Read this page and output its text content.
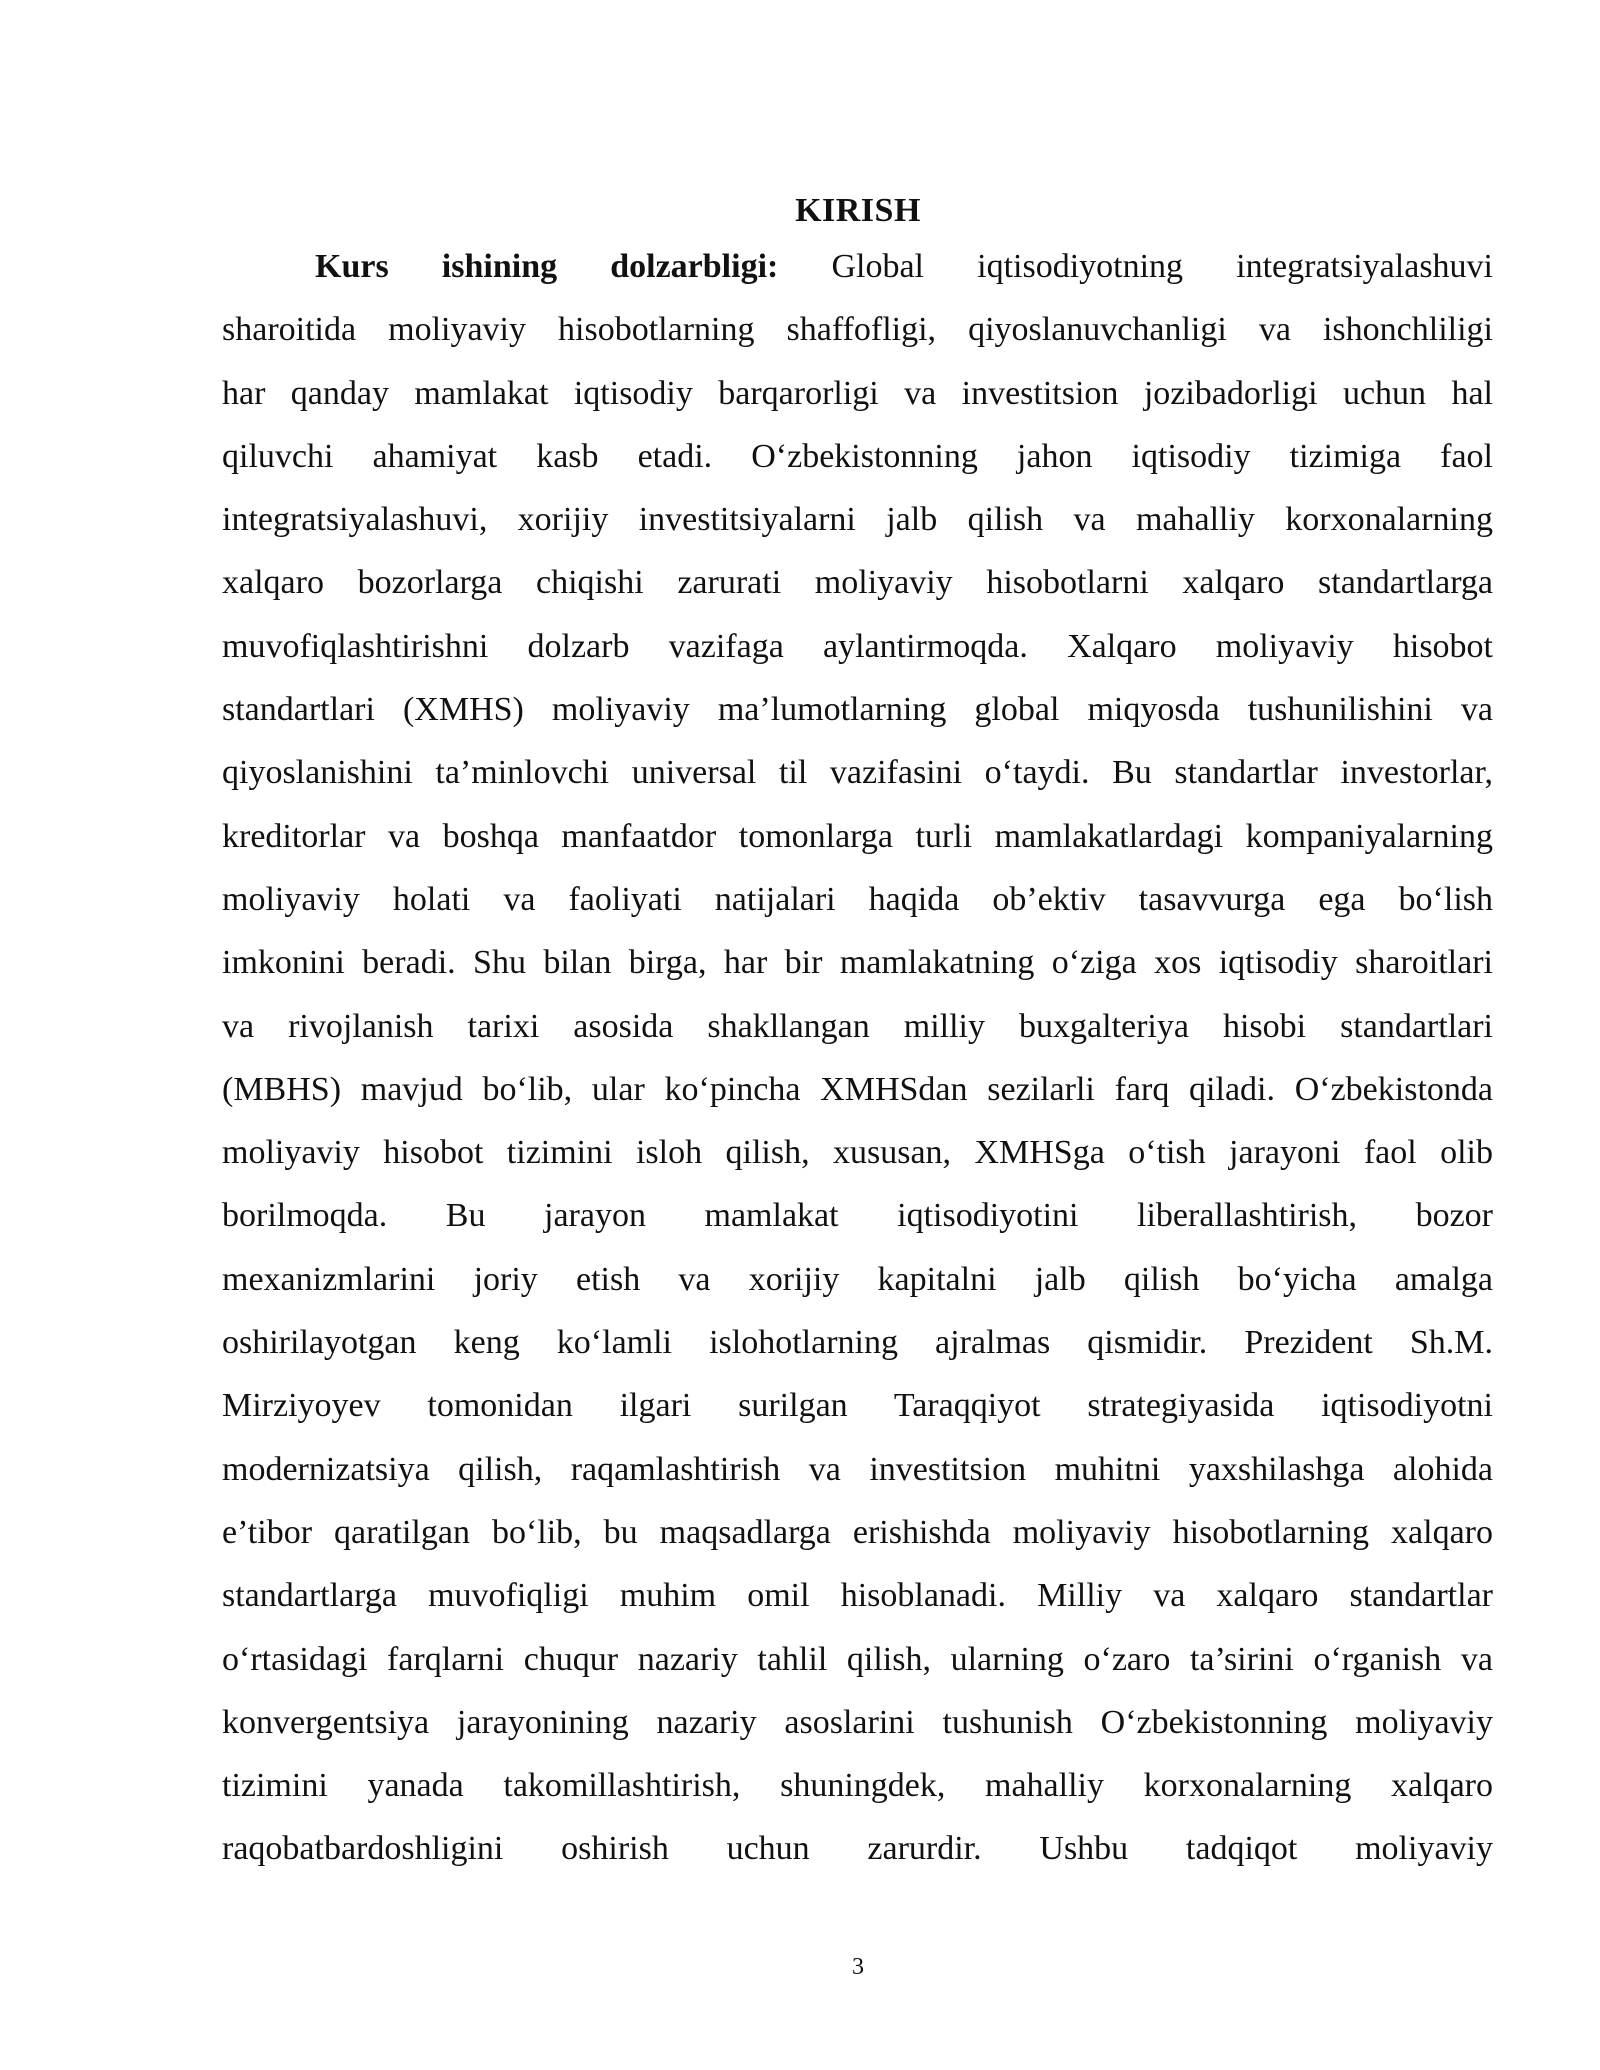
KIRISH
Kurs ishining dolzarbligi: Global iqtisodiyotning integratsiyalashuvi
sharoitida moliyaviy hisobotlarning shaffofligi, qiyoslanuvchanligi va ishonchliligi
har qanday mamlakat iqtisodiy barqarorligi va investitsion jozibadorligi uchun hal
qiluvchi ahamiyat kasb etadi. O‘zbekistonning jahon iqtisodiy tizimiga faol
integratsiyalashuvi, xorijiy investitsiyalarni jalb qilish va mahalliy korxonalarning
xalqaro bozorlarga chiqishi zarurati moliyaviy hisobotlarni xalqaro standartlarga
muvofiqlashtirishni dolzarb vazifaga aylantirmoqda. Xalqaro moliyaviy hisobot
standartlari (XMHS) moliyaviy ma’lumotlarning global miqyosda tushunilishini va
qiyoslanishini ta’minlovchi universal til vazifasini o‘taydi. Bu standartlar investorlar,
kreditorlar va boshqa manfaatdor tomonlarga turli mamlakatlardagi kompaniyalarning
moliyaviy holati va faoliyati natijalari haqida ob’ektiv tasavvurga ega bo‘lish
imkonini beradi. Shu bilan birga, har bir mamlakatning o‘ziga xos iqtisodiy sharoitlari
va rivojlanish tarixi asosida shakllangan milliy buxgalteriya hisobi standartlari
(MBHS) mavjud bo‘lib, ular ko‘pincha XMHSdan sezilarli farq qiladi. O‘zbekistonda
moliyaviy hisobot tizimini isloh qilish, xususan, XMHSga o‘tish jarayoni faol olib
borilmoqda. Bu jarayon mamlakat iqtisodiyotini liberallashtirish, bozor
mexanizmlarini joriy etish va xorijiy kapitalni jalb qilish bo‘yicha amalga
oshirilayotgan keng ko‘lamli islohotlarning ajralmas qismidir. Prezident Sh.M.
Mirziyoyev tomonidan ilgari surilgan Taraqqiyot strategiyasida iqtisodiyotni
modernizatsiya qilish, raqamlashtirish va investitsion muhitni yaxshilashga alohida
e’tibor qaratilgan bo‘lib, bu maqsadlarga erishishda moliyaviy hisobotlarning xalqaro
standartlarga muvofiqligi muhim omil hisoblanadi. Milliy va xalqaro standartlar
o‘rtasidagi farqlarni chuqur nazariy tahlil qilish, ularning o‘zaro ta’sirini o‘rganish va
konvergentsiya jarayonining nazariy asoslarini tushunish O‘zbekistonning moliyaviy
tizimini yanada takomillashtirish, shuningdek, mahalliy korxonalarning xalqaro
raqobatbardoshligini oshirish uchun zarurdir. Ushbu tadqiqot moliyaviy
3
